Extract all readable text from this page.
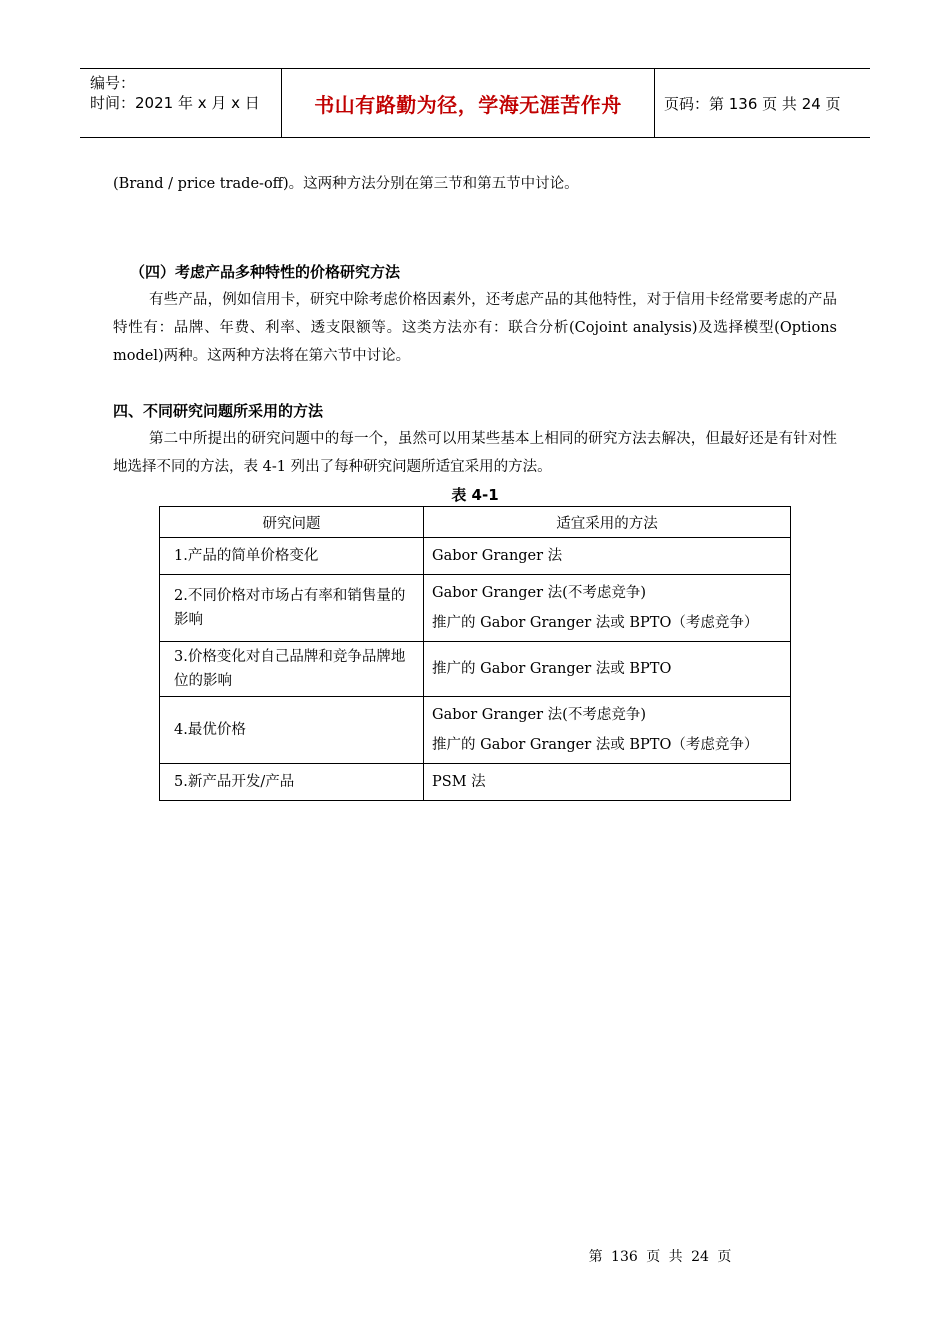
编号：
时间：2021 年 x 月 x 日	书山有路勤为径，学海无涯苦作舟	页码：第 136 页 共 24 页
(Brand / price trade-off)。这两种方法分别在第三节和第五节中讨论。
（四）考虑产品多种特性的价格研究方法
有些产品，例如信用卡，研究中除考虑价格因素外，还考虑产品的其他特性，对于信用卡经常要考虑的产品特性有：品牌、年费、利率、透支限额等。这类方法亦有：联合分析(Cojoint analysis)及选择模型(Options model)两种。这两种方法将在第六节中讨论。
四、不同研究问题所采用的方法
第二中所提出的研究问题中的每一个，虽然可以用某些基本上相同的研究方法去解决，但最好还是有针对性地选择不同的方法，表 4-1 列出了每种研究问题所适宜采用的方法。
表 4-1
研究问题	适宜采用的方法
1.产品的简单价格变化	Gabor Granger 法

2.不同价格对市场占有率和销售量的影响	Gabor Granger 法(不考虑竞争)
推广的 Gabor Granger 法或 BPTO（考虑竞争）

3.价格变化对自己品牌和竞争品牌地位的影响	推广的 Gabor Granger 法或 BPTO

4.最优价格	Gabor Granger 法(不考虑竞争)
推广的 Gabor Granger 法或 BPTO（考虑竞争）

5.新产品开发/产品	PSM 法
第 136 页 共 24 页
